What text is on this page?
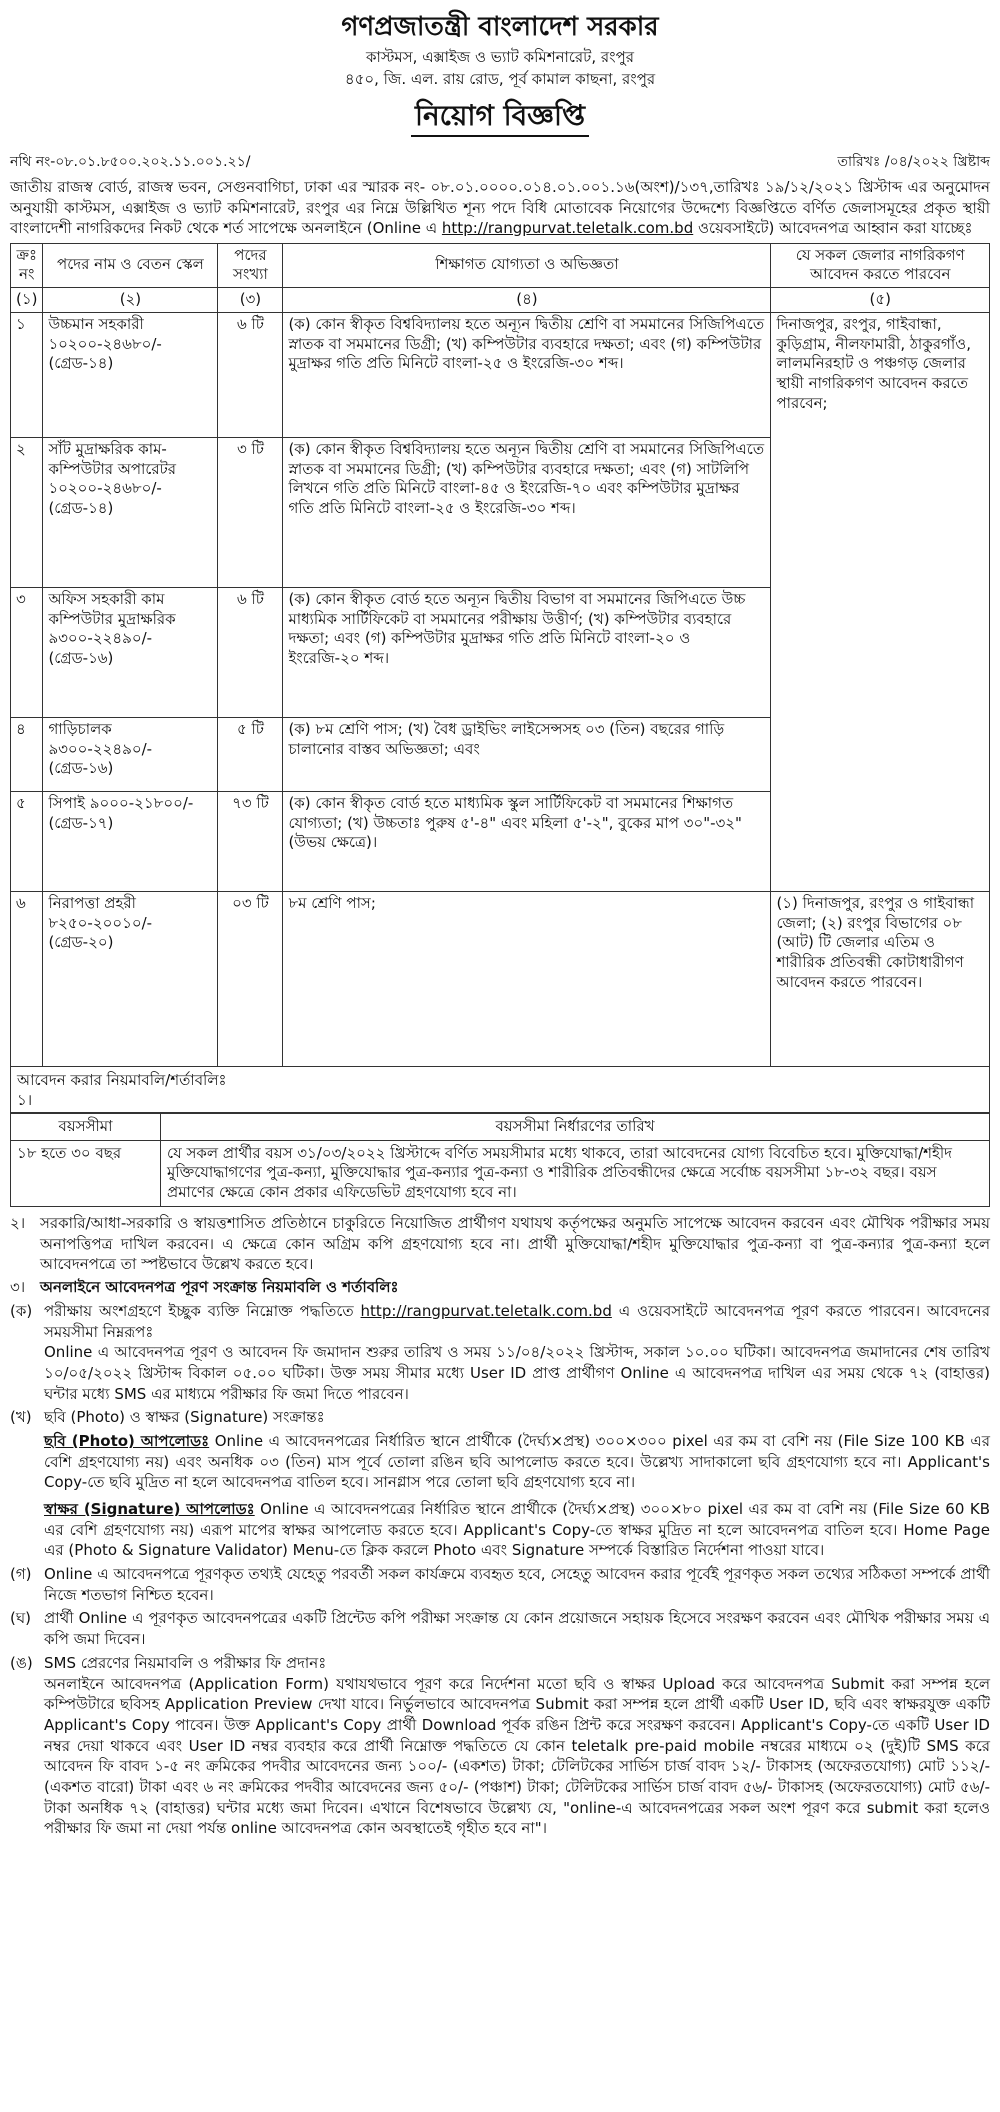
গণপ্রজাতন্ত্রী বাংলাদেশ সরকার
কাস্টমস, এক্সাইজ ও ভ্যাট কমিশনারেট, রংপুর
৪৫০, জি. এল. রায় রোড, পূর্ব কামাল কাছনা, রংপুর
নিয়োগ বিজ্ঞপ্তি
নথি নং-০৮.০১.৮৫০০.২০২.১১.০০১.২১/	তারিখঃ /০৪/২০২২ খ্রিষ্টাব্দ
জাতীয় রাজস্ব বোর্ড, রাজস্ব ভবন, সেগুনবাগিচা, ঢাকা এর স্মারক নং- ০৮.০১.০০০০.০১৪.০১.০০১.১৬(অংশ)/১৩৭,তারিখঃ ১৯/১২/২০২১ খ্রিস্টাব্দ এর অনুমোদন অনুযায়ী কাস্টমস, এক্সাইজ ও ভ্যাট কমিশনারেট, রংপুর এর নিম্নে উল্লিখিত শূন্য পদে বিধি মোতাবেক নিয়োগের উদ্দেশ্যে বিজ্ঞপ্তিতে বর্ণিত জেলাসমূহের প্রকৃত স্থায়ী বাংলাদেশী নাগরিকদের নিকট থেকে শর্ত সাপেক্ষে অনলাইনে (Online এ http://rangpurvat.teletalk.com.bd ওয়েবসাইটে) আবেদনপত্র আহ্বান করা যাচ্ছেঃ
ক্রঃ নং	পদের নাম ও বেতন স্কেল	পদের সংখ্যা	শিক্ষাগত যোগ্যতা ও অভিজ্ঞতা	যে সকল জেলার নাগরিকগণ আবেদন করতে পারবেন
(১)	(২)	(৩)	(৪)	(৫)
১	উচ্চমান সহকারী ১০২০০-২৪৬৮০/- (গ্রেড-১৪)	৬ টি	(ক) কোন স্বীকৃত বিশ্ববিদ্যালয় হতে অন্যূন দ্বিতীয় শ্রেণি বা সমমানের সিজিপিএতে স্নাতক বা সমমানের ডিগ্রী; (খ) কম্পিউটার ব্যবহারে দক্ষতা; এবং (গ) কম্পিউটার মুদ্রাক্ষর গতি প্রতি মিনিটে বাংলা-২৫ ও ইংরেজি-৩০ শব্দ।	দিনাজপুর, রংপুর, গাইবান্ধা, কুড়িগ্রাম, নীলফামারী, ঠাকুরগাঁও, লালমনিরহাট ও পঞ্চগড় জেলার স্থায়ী নাগরিকগণ আবেদন করতে পারবেন;
২	সাঁট মুদ্রাক্ষরিক কাম-কম্পিউটার অপারেটর ১০২০০-২৪৬৮০/- (গ্রেড-১৪)	৩ টি	(ক) কোন স্বীকৃত বিশ্ববিদ্যালয় হতে অন্যূন দ্বিতীয় শ্রেণি বা সমমানের সিজিপিএতে স্নাতক বা সমমানের ডিগ্রী; (খ) কম্পিউটার ব্যবহারে দক্ষতা; এবং (গ) সাটলিপি লিখনে গতি প্রতি মিনিটে বাংলা-৪৫ ও ইংরেজি-৭০ এবং কম্পিউটার মুদ্রাক্ষর গতি প্রতি মিনিটে বাংলা-২৫ ও ইংরেজি-৩০ শব্দ।	
৩	অফিস সহকারী কাম কম্পিউটার মুদ্রাক্ষরিক ৯৩০০-২২৪৯০/- (গ্রেড-১৬)	৬ টি	(ক) কোন স্বীকৃত বোর্ড হতে অন্যূন দ্বিতীয় বিভাগ বা সমমানের জিপিএতে উচ্চ মাধ্যমিক সার্টিফিকেট বা সমমানের পরীক্ষায় উত্তীর্ণ; (খ) কম্পিউটার ব্যবহারে দক্ষতা; এবং (গ) কম্পিউটার মুদ্রাক্ষর গতি প্রতি মিনিটে বাংলা-২০ ও ইংরেজি-২০ শব্দ।	
৪	গাড়িচালক ৯৩০০-২২৪৯০/- (গ্রেড-১৬)	৫ টি	(ক) ৮ম শ্রেণি পাস; (খ) বৈধ ড্রাইভিং লাইসেন্সসহ ০৩ (তিন) বছরের গাড়ি চালানোর বাস্তব অভিজ্ঞতা; এবং	
৫	সিপাই ৯০০০-২১৮০০/- (গ্রেড-১৭)	৭৩ টি	(ক) কোন স্বীকৃত বোর্ড হতে মাধ্যমিক স্কুল সার্টিফিকেট বা সমমানের শিক্ষাগত যোগ্যতা; (খ) উচ্চতাঃ পুরুষ ৫'-৪" এবং মহিলা ৫'-২", বুকের মাপ ৩০"-৩২" (উভয় ক্ষেত্রে)।	
৬	নিরাপত্তা প্রহরী ৮২৫০-২০০১০/- (গ্রেড-২০)	০৩ টি	৮ম শ্রেণি পাস;	(১) দিনাজপুর, রংপুর ও গাইবান্ধা জেলা; (২) রংপুর বিভাগের ০৮ (আট) টি জেলার এতিম ও শারীরিক প্রতিবন্ধী কোটাধারীগণ আবেদন করতে পারবেন।
আবেদন করার নিয়মাবলি/শর্তাবলিঃ
১।
বয়সসীমা	বয়সসীমা নির্ধারণের তারিখ
১৮ হতে ৩০ বছর	যে সকল প্রার্থীর বয়স ৩১/০৩/২০২২ খ্রিস্টাব্দে বর্ণিত সময়সীমার মধ্যে থাকবে, তারা আবেদনের যোগ্য বিবেচিত হবে। মুক্তিযোদ্ধা/শহীদ মুক্তিযোদ্ধাগণের পুত্র-কন্যা, মুক্তিযোদ্ধার পুত্র-কন্যার পুত্র-কন্যা ও শারীরিক প্রতিবন্ধীদের ক্ষেত্রে সর্বোচ্চ বয়সসীমা ১৮-৩২ বছর। বয়স প্রমাণের ক্ষেত্রে কোন প্রকার এফিডেভিট গ্রহণযোগ্য হবে না।
২। সরকারি/আধা-সরকারি ও স্বায়ত্তশাসিত প্রতিষ্ঠানে চাকুরিতে নিয়োজিত প্রার্থীগণ যথাযথ কর্তৃপক্ষের অনুমতি সাপেক্ষে আবেদন করবেন এবং মৌখিক পরীক্ষার সময় অনাপত্তিপত্র দাখিল করবেন। এ ক্ষেত্রে কোন অগ্রিম কপি গ্রহণযোগ্য হবে না। প্রার্থী মুক্তিযোদ্ধা/শহীদ মুক্তিযোদ্ধার পুত্র-কন্যা বা পুত্র-কন্যার পুত্র-কন্যা হলে আবেদনপত্রে তা স্পষ্টভাবে উল্লেখ করতে হবে।
৩। অনলাইনে আবেদনপত্র পূরণ সংক্রান্ত নিয়মাবলি ও শর্তাবলিঃ
(ক) পরীক্ষায় অংশগ্রহণে ইচ্ছুক ব্যক্তি নিম্নোক্ত পদ্ধতিতে http://rangpurvat.teletalk.com.bd এ ওয়েবসাইটে আবেদনপত্র পূরণ করতে পারবেন। আবেদনের সময়সীমা নিম্নরূপঃ
Online এ আবেদনপত্র পূরণ ও আবেদন ফি জমাদান শুরুর তারিখ ও সময় ১১/০৪/২০২২ খ্রিস্টাব্দ, সকাল ১০.০০ ঘটিকা। আবেদনপত্র জমাদানের শেষ তারিখ ১০/০৫/২০২২ খ্রিস্টাব্দ বিকাল ০৫.০০ ঘটিকা। উক্ত সময় সীমার মধ্যে User ID প্রাপ্ত প্রার্থীগণ Online এ আবেদনপত্র দাখিল এর সময় থেকে ৭২ (বাহাত্তর) ঘন্টার মধ্যে SMS এর মাধ্যমে পরীক্ষার ফি জমা দিতে পারবেন।
(খ) ছবি (Photo) ও স্বাক্ষর (Signature) সংক্রান্তঃ
ছবি (Photo) আপলোডঃ Online এ আবেদনপত্রের নির্ধারিত স্থানে প্রার্থীকে (দৈর্ঘ্য×প্রস্থ) ৩০০×৩০০ pixel এর কম বা বেশি নয় (File Size 100 KB এর বেশি গ্রহণযোগ্য নয়) এবং অনধিক ০৩ (তিন) মাস পূর্বে তোলা রঙিন ছবি আপলোড করতে হবে। উল্লেখ্য সাদাকালো ছবি গ্রহণযোগ্য হবে না। Applicant's Copy-তে ছবি মুদ্রিত না হলে আবেদনপত্র বাতিল হবে। সানগ্লাস পরে তোলা ছবি গ্রহণযোগ্য হবে না।
স্বাক্ষর (Signature) আপলোডঃ Online এ আবেদনপত্রের নির্ধারিত স্থানে প্রার্থীকে (দৈর্ঘ্য×প্রস্থ) ৩০০×৮০ pixel এর কম বা বেশি নয় (File Size 60 KB এর বেশি গ্রহণযোগ্য নয়) এরূপ মাপের স্বাক্ষর আপলোড করতে হবে। Applicant's Copy-তে স্বাক্ষর মুদ্রিত না হলে আবেদনপত্র বাতিল হবে। Home Page এর (Photo & Signature Validator) Menu-তে ক্লিক করলে Photo এবং Signature সম্পর্কে বিস্তারিত নির্দেশনা পাওয়া যাবে।
(গ) Online এ আবেদনপত্রে পূরণকৃত তথ্যই যেহেতু পরবর্তী সকল কার্যক্রমে ব্যবহৃত হবে, সেহেতু আবেদন করার পূর্বেই পূরণকৃত সকল তথ্যের সঠিকতা সম্পর্কে প্রার্থী নিজে শতভাগ নিশ্চিত হবেন।
(ঘ) প্রার্থী Online এ পূরণকৃত আবেদনপত্রের একটি প্রিন্টেড কপি পরীক্ষা সংক্রান্ত যে কোন প্রয়োজনে সহায়ক হিসেবে সংরক্ষণ করবেন এবং মৌখিক পরীক্ষার সময় এ কপি জমা দিবেন।
(ঙ) SMS প্রেরণের নিয়মাবলি ও পরীক্ষার ফি প্রদানঃ
অনলাইনে আবেদনপত্র (Application Form) যথাযথভাবে পূরণ করে নির্দেশনা মতো ছবি ও স্বাক্ষর Upload করে আবেদনপত্র Submit করা সম্পন্ন হলে কম্পিউটারে ছবিসহ Application Preview দেখা যাবে। নির্ভুলভাবে আবেদনপত্র Submit করা সম্পন্ন হলে প্রার্থী একটি User ID, ছবি এবং স্বাক্ষরযুক্ত একটি Applicant's Copy পাবেন। উক্ত Applicant's Copy প্রার্থী Download পূর্বক রঙিন প্রিন্ট করে সংরক্ষণ করবেন। Applicant's Copy-তে একটি User ID নম্বর দেয়া থাকবে এবং User ID নম্বর ব্যবহার করে প্রার্থী নিম্নোক্ত পদ্ধতিতে যে কোন teletalk pre-paid mobile নম্বরের মাধ্যমে ০২ (দুই)টি SMS করে আবেদন ফি বাবদ ১-৫ নং ক্রমিকের পদবীর আবেদনের জন্য ১০০/- (একশত) টাকা; টেলিটকের সার্ভিস চার্জ বাবদ ১২/- টাকাসহ (অফেরতযোগ্য) মোট ১১২/- (একশত বারো) টাকা এবং ৬ নং ক্রমিকের পদবীর আবেদনের জন্য ৫০/- (পঞ্চাশ) টাকা; টেলিটকের সার্ভিস চার্জ বাবদ ৫৬/- টাকাসহ (অফেরতযোগ্য) মোট ৫৬/- টাকা অনধিক ৭২ (বাহাত্তর) ঘন্টার মধ্যে জমা দিবেন। এখানে বিশেষভাবে উল্লেখ্য যে, "online-এ আবেদনপত্রের সকল অংশ পূরণ করে submit করা হলেও পরীক্ষার ফি জমা না দেয়া পর্যন্ত online আবেদনপত্র কোন অবস্থাতেই গৃহীত হবে না"।
